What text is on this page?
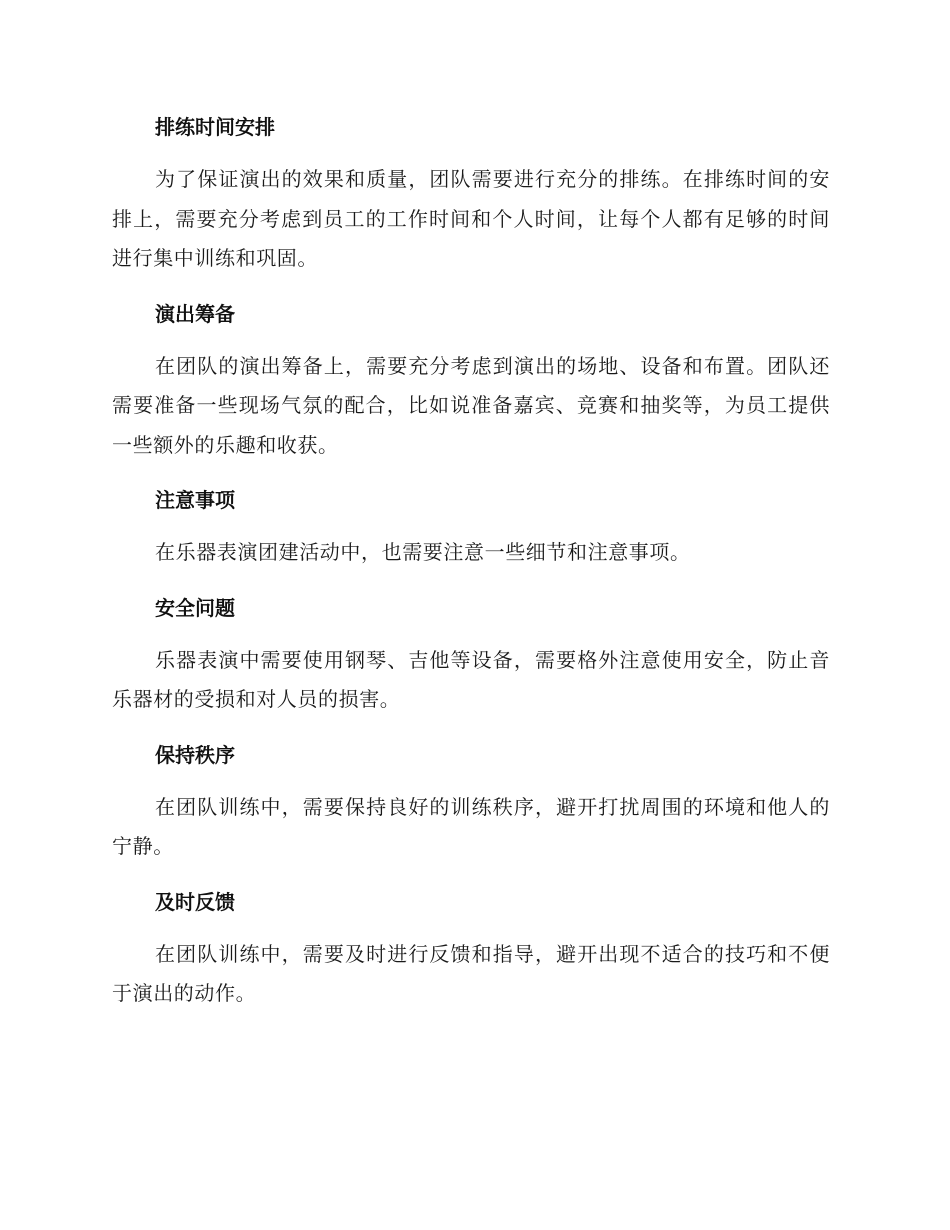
排练时间安排

为了保证演出的效果和质量，团队需要进行充分的排练。在排练时间的安排上，需要充分考虑到员工的工作时间和个人时间，让每个人都有足够的时间进行集中训练和巩固。

演出筹备

在团队的演出筹备上，需要充分考虑到演出的场地、设备和布置。团队还需要准备一些现场气氛的配合，比如说准备嘉宾、竞赛和抽奖等，为员工提供一些额外的乐趣和收获。

注意事项

在乐器表演团建活动中，也需要注意一些细节和注意事项。

安全问题

乐器表演中需要使用钢琴、吉他等设备，需要格外注意使用安全，防止音乐器材的受损和对人员的损害。

保持秩序

在团队训练中，需要保持良好的训练秩序，避开打扰周围的环境和他人的宁静。

及时反馈

在团队训练中，需要及时进行反馈和指导，避开出现不适合的技巧和不便于演出的动作。
